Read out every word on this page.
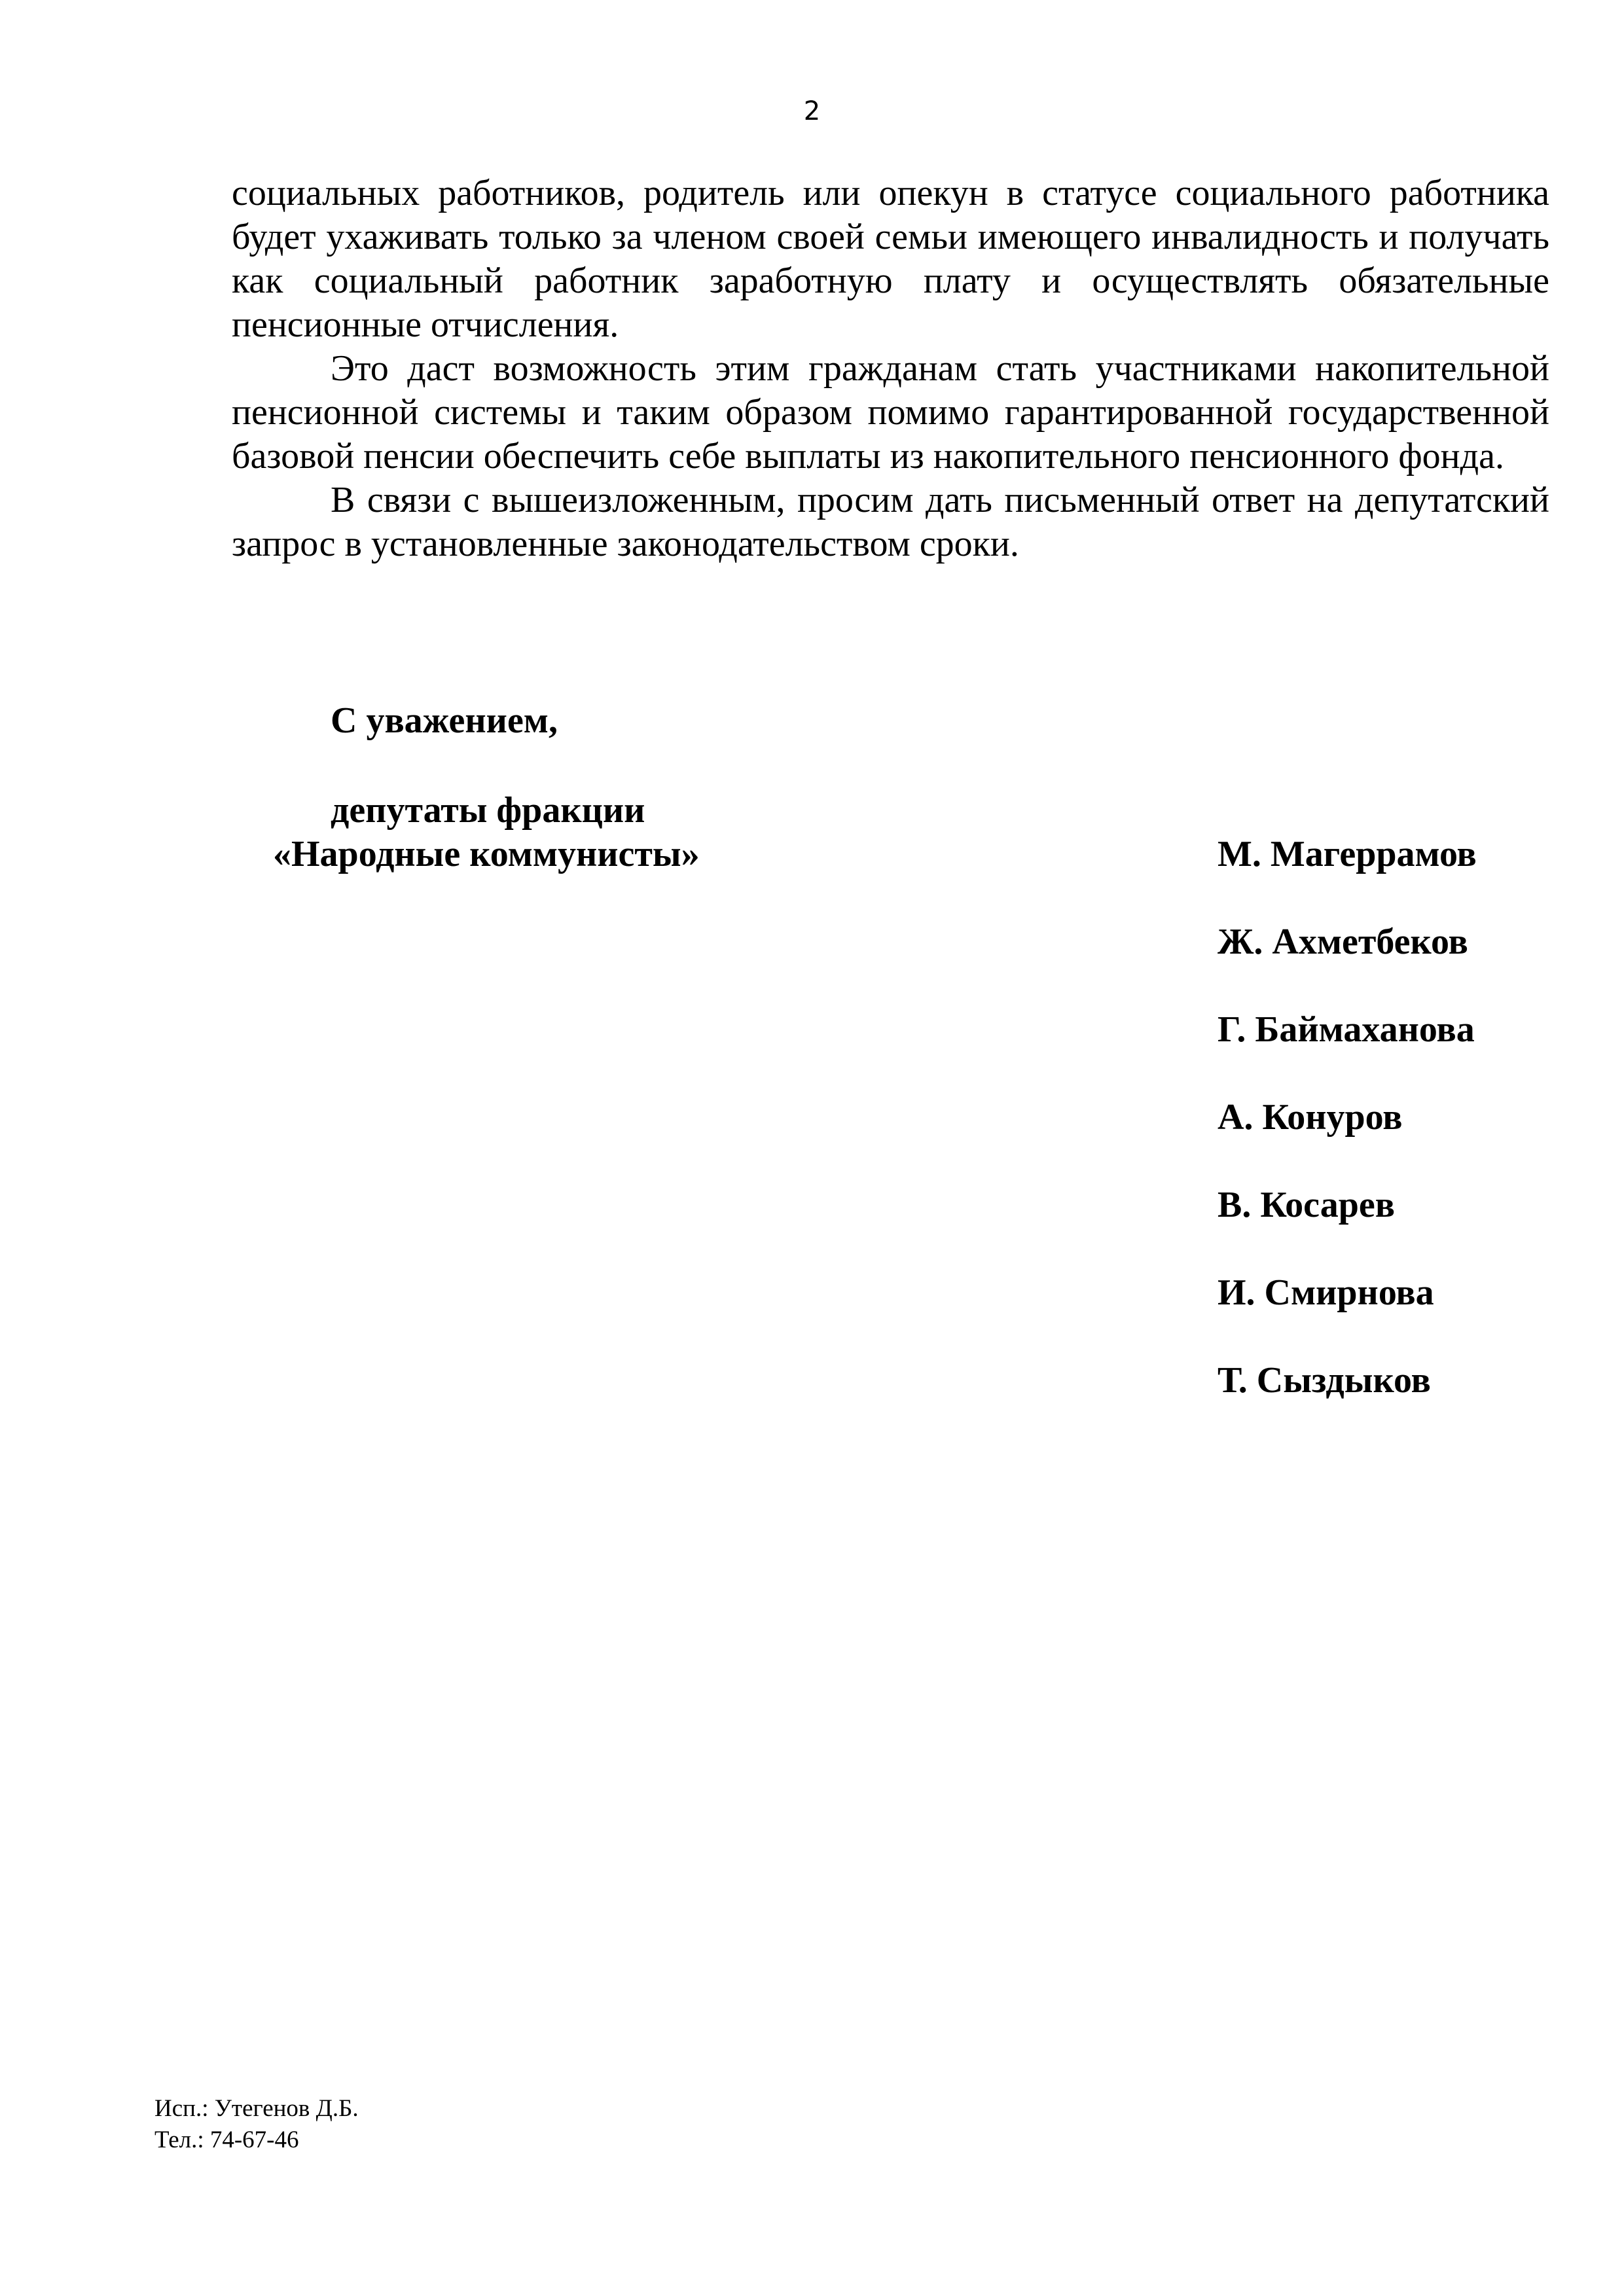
2

социальных работников, родитель или опекун в статусе социального работника будет ухаживать только за членом своей семьи имеющего инвалидность и получать как социальный работник заработную плату и осуществлять обязательные пенсионные отчисления.

Это даст возможность этим гражданам стать участниками накопительной пенсионной системы и таким образом помимо гарантированной государственной базовой пенсии обеспечить себе выплаты из накопительного пенсионного фонда.

В связи с вышеизложенным, просим дать письменный ответ на депутатский запрос в установленные законодательством сроки.

С уважением,
депутаты фракции
«Народные коммунисты»	М. Магеррамов
Ж. Ахметбеков
Г. Баймаханова
А. Конуров
В. Косарев
И. Смирнова
Т. Сыздыков
Исп.: Утегенов Д.Б.
Тел.: 74-67-46
